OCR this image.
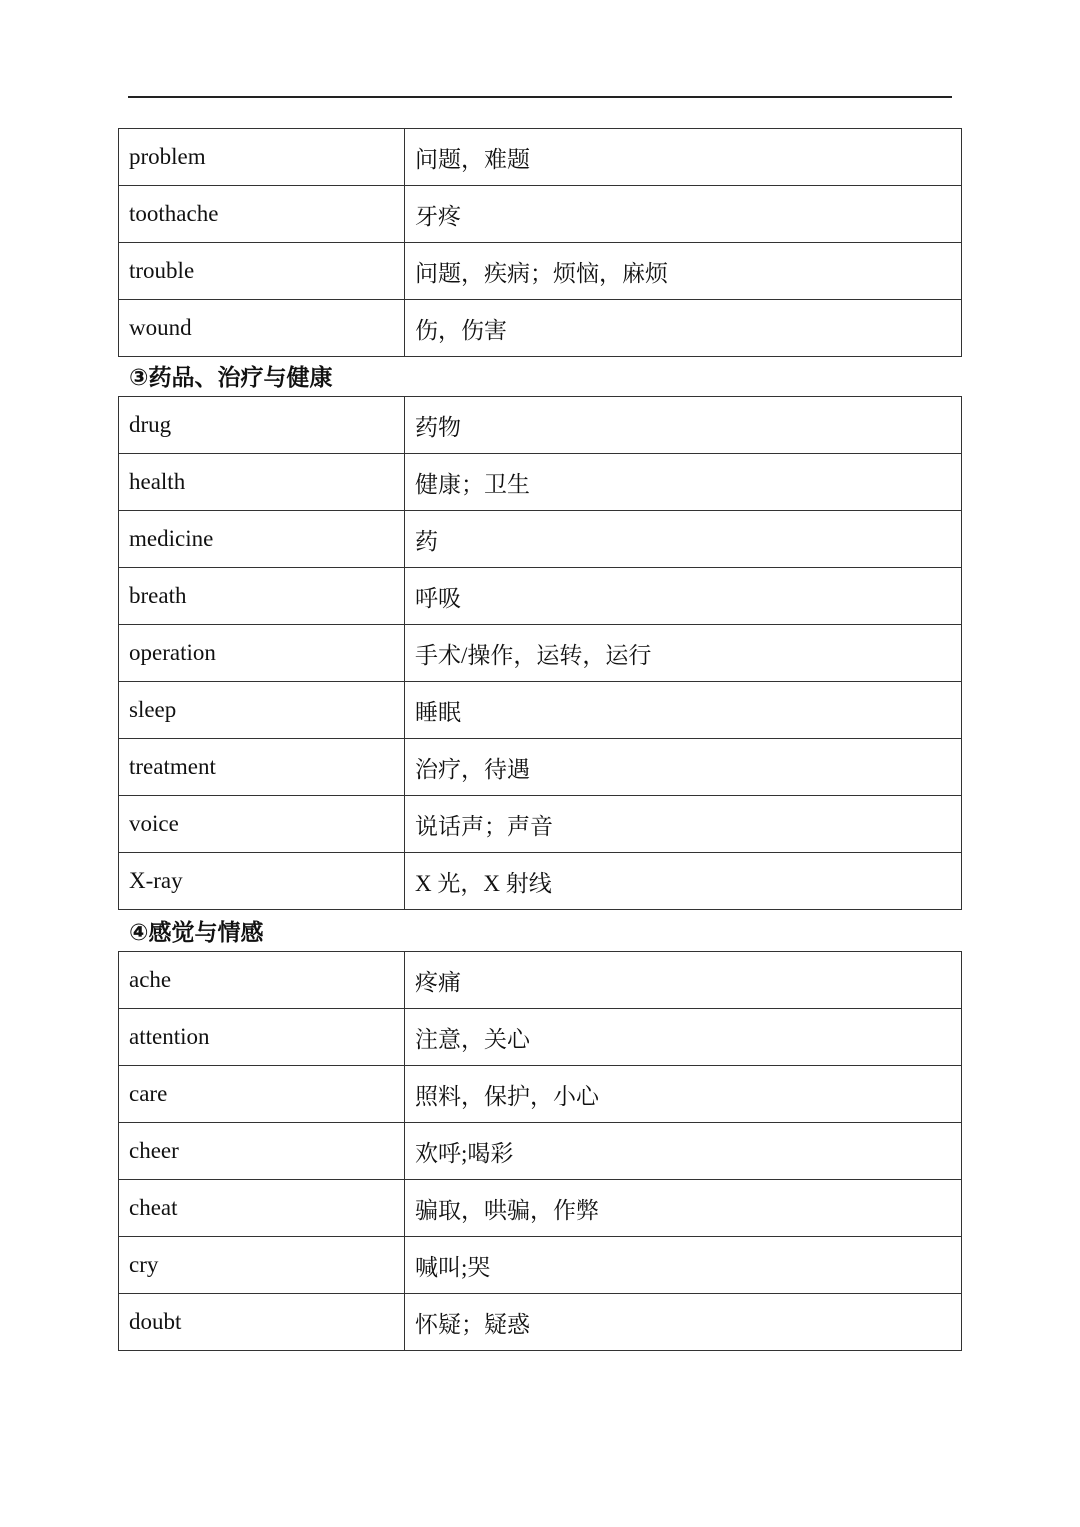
problem	问题，难题
toothache	牙疼
trouble	问题，疾病；烦恼，麻烦
wound	伤，伤害
③药品、治疗与健康
drug	药物
health	健康；卫生
medicine	药
breath	呼吸
operation	手术/操作，运转，运行
sleep	睡眠
treatment	治疗，待遇
voice	说话声；声音
X-ray	X 光，X 射线
④感觉与情感
ache	疼痛
attention	注意，关心
care	照料，保护，小心
cheer	欢呼;喝彩
cheat	骗取，哄骗，作弊
cry	喊叫;哭
doubt	怀疑；疑惑
